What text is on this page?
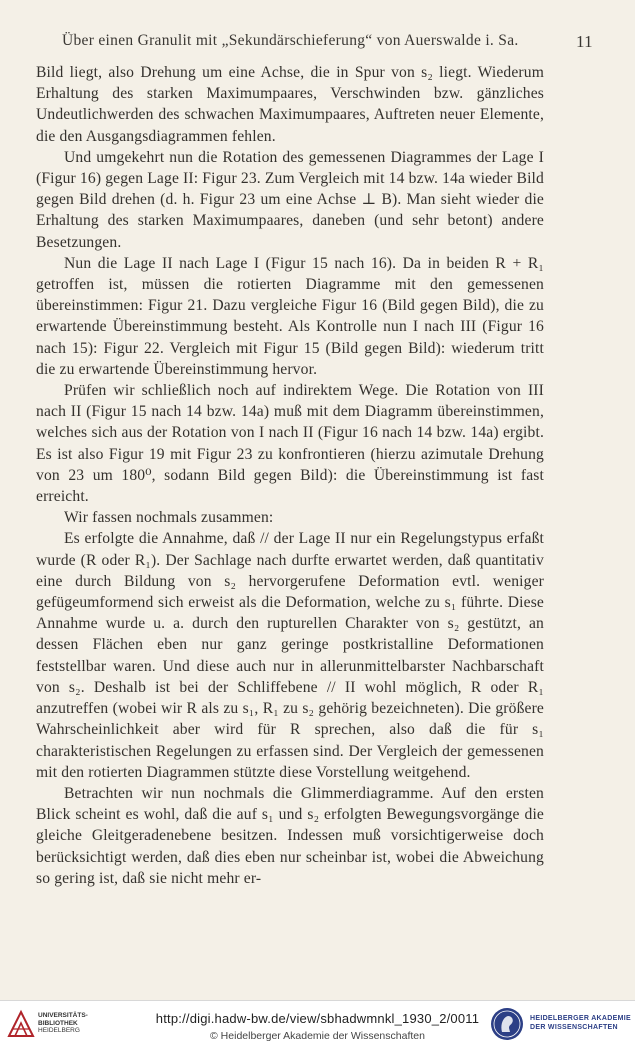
Über einen Granulit mit „Sekundärschieferung“ von Auerswalde i. Sa.	11

Bild liegt, also Drehung um eine Achse, die in Spur von s₂ liegt. Wiederum Erhaltung des starken Maximumpaares, Verschwinden bzw. gänzliches Undeutlichwerden des schwachen Maximumpaares, Auftreten neuer Elemente, die den Ausgangsdiagrammen fehlen.

Und umgekehrt nun die Rotation des gemessenen Diagrammes der Lage I (Figur 16) gegen Lage II: Figur 23. Zum Vergleich mit 14 bzw. 14a wieder Bild gegen Bild drehen (d. h. Figur 23 um eine Achse ⊥ B). Man sieht wieder die Erhaltung des starken Maximumpaares, daneben (und sehr betont) andere Besetzungen.

Nun die Lage II nach Lage I (Figur 15 nach 16). Da in beiden R + R₁ getroffen ist, müssen die rotierten Diagramme mit den gemessenen übereinstimmen: Figur 21. Dazu vergleiche Figur 16 (Bild gegen Bild), die zu erwartende Übereinstimmung besteht. Als Kontrolle nun I nach III (Figur 16 nach 15): Figur 22. Vergleich mit Figur 15 (Bild gegen Bild): wiederum tritt die zu erwartende Übereinstimmung hervor.

Prüfen wir schließlich noch auf indirektem Wege. Die Rotation von III nach II (Figur 15 nach 14 bzw. 14a) muß mit dem Diagramm übereinstimmen, welches sich aus der Rotation von I nach II (Figur 16 nach 14 bzw. 14a) ergibt. Es ist also Figur 19 mit Figur 23 zu konfrontieren (hierzu azimutale Drehung von 23 um 180⁰, sodann Bild gegen Bild): die Übereinstimmung ist fast erreicht.

Wir fassen nochmals zusammen:

Es erfolgte die Annahme, daß // der Lage II nur ein Regelungstypus erfaßt wurde (R oder R₁). Der Sachlage nach durfte erwartet werden, daß quantitativ eine durch Bildung von s₂ hervorgerufene Deformation evtl. weniger gefügeumformend sich erweist als die Deformation, welche zu s₁ führte. Diese Annahme wurde u. a. durch den rupturellen Charakter von s₂ gestützt, an dessen Flächen eben nur ganz geringe postkristalline Deformationen feststellbar waren. Und diese auch nur in allerunmittelbarster Nachbarschaft von s₂. Deshalb ist bei der Schliffebene // II wohl möglich, R oder R₁ anzutreffen (wobei wir R als zu s₁, R₁ zu s₂ gehörig bezeichneten). Die größere Wahrscheinlichkeit aber wird für R sprechen, also daß die für s₁ charakteristischen Regelungen zu erfassen sind. Der Vergleich der gemessenen mit den rotierten Diagrammen stützte diese Vorstellung weitgehend.

Betrachten wir nun nochmals die Glimmerdiagramme. Auf den ersten Blick scheint es wohl, daß die auf s₁ und s₂ erfolgten Bewegungsvorgänge die gleiche Gleitgeradenebene besitzen. Indessen muß vorsichtigerweise doch berücksichtigt werden, daß dies eben nur scheinbar ist, wobei die Abweichung so gering ist, daß sie nicht mehr er-

UNIVERSITÄTS-
BIBLIOTHEK
HEIDELBERG
http://digi.hadw-bw.de/view/sbhadwmnkl_1930_2/0011
© Heidelberger Akademie der Wissenschaften
HEIDELBERGER AKADEMIE
DER WISSENSCHAFTEN
